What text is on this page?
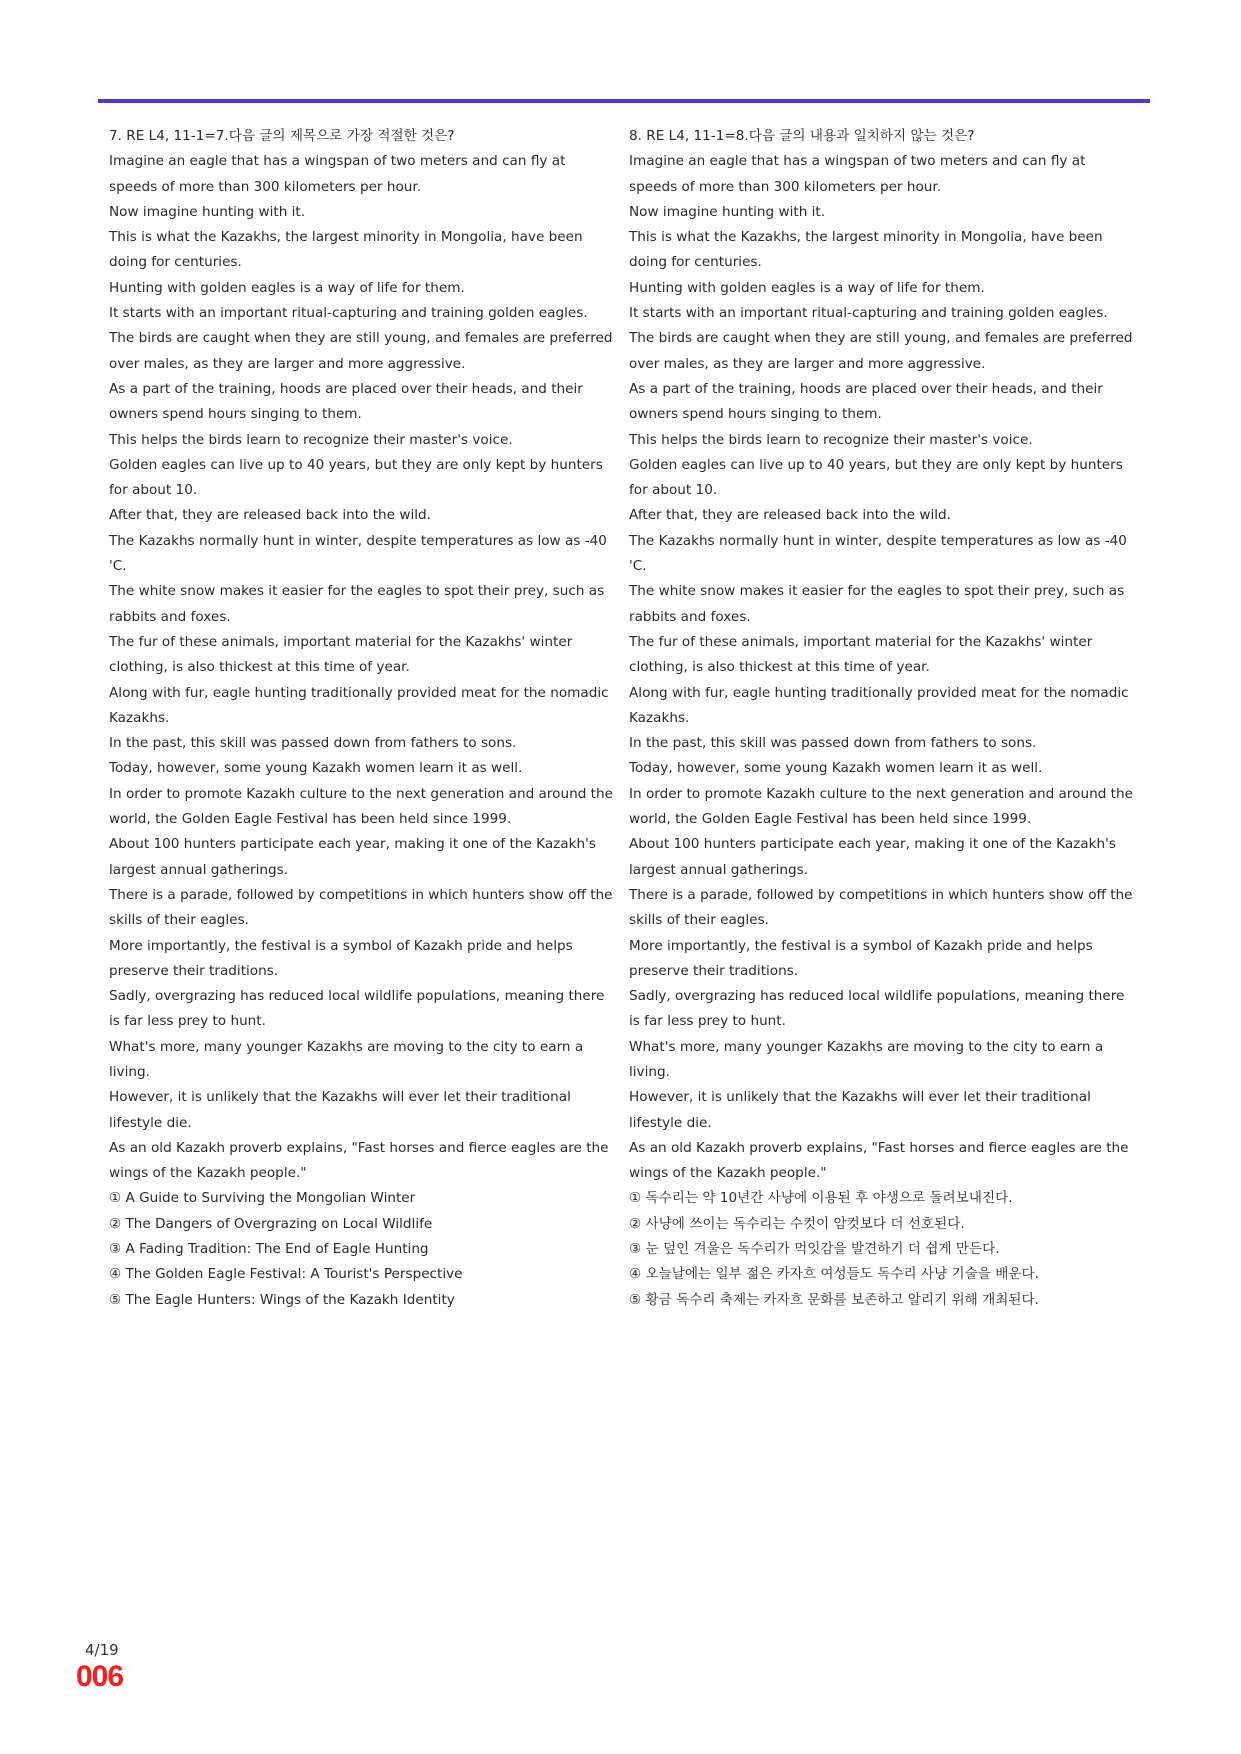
7. RE L4, 11-1=7.다음 글의 제목으로 가장 적절한 것은?

Imagine an eagle that has a wingspan of two meters and can fly at speeds of more than 300 kilometers per hour.

Now imagine hunting with it.

This is what the Kazakhs, the largest minority in Mongolia, have been doing for centuries.

Hunting with golden eagles is a way of life for them.

It starts with an important ritual-capturing and training golden eagles.

The birds are caught when they are still young, and females are preferred over males, as they are larger and more aggressive.

As a part of the training, hoods are placed over their heads, and their owners spend hours singing to them.

This helps the birds learn to recognize their master's voice.

Golden eagles can live up to 40 years, but they are only kept by hunters for about 10.

After that, they are released back into the wild.

The Kazakhs normally hunt in winter, despite temperatures as low as -40 'C.

The white snow makes it easier for the eagles to spot their prey, such as rabbits and foxes.

The fur of these animals, important material for the Kazakhs' winter clothing, is also thickest at this time of year.

Along with fur, eagle hunting traditionally provided meat for the nomadic Kazakhs.

In the past, this skill was passed down from fathers to sons.

Today, however, some young Kazakh women learn it as well.

In order to promote Kazakh culture to the next generation and around the world, the Golden Eagle Festival has been held since 1999.

About 100 hunters participate each year, making it one of the Kazakh's largest annual gatherings.

There is a parade, followed by competitions in which hunters show off the skills of their eagles.

More importantly, the festival is a symbol of Kazakh pride and helps preserve their traditions.

Sadly, overgrazing has reduced local wildlife populations, meaning there is far less prey to hunt.

What's more, many younger Kazakhs are moving to the city to earn a living.

However, it is unlikely that the Kazakhs will ever let their traditional lifestyle die.

As an old Kazakh proverb explains, "Fast horses and fierce eagles are the wings of the Kazakh people."

① A Guide to Surviving the Mongolian Winter

② The Dangers of Overgrazing on Local Wildlife

③ A Fading Tradition: The End of Eagle Hunting

④ The Golden Eagle Festival: A Tourist's Perspective

⑤ The Eagle Hunters: Wings of the Kazakh Identity

8. RE L4, 11-1=8.다음 글의 내용과 일치하지 않는 것은?

Imagine an eagle that has a wingspan of two meters and can fly at speeds of more than 300 kilometers per hour.

Now imagine hunting with it.

This is what the Kazakhs, the largest minority in Mongolia, have been doing for centuries.

Hunting with golden eagles is a way of life for them.

It starts with an important ritual-capturing and training golden eagles.

The birds are caught when they are still young, and females are preferred over males, as they are larger and more aggressive.

As a part of the training, hoods are placed over their heads, and their owners spend hours singing to them.

This helps the birds learn to recognize their master's voice.

Golden eagles can live up to 40 years, but they are only kept by hunters for about 10.

After that, they are released back into the wild.

The Kazakhs normally hunt in winter, despite temperatures as low as -40 'C.

The white snow makes it easier for the eagles to spot their prey, such as rabbits and foxes.

The fur of these animals, important material for the Kazakhs' winter clothing, is also thickest at this time of year.

Along with fur, eagle hunting traditionally provided meat for the nomadic Kazakhs.

In the past, this skill was passed down from fathers to sons.

Today, however, some young Kazakh women learn it as well.

In order to promote Kazakh culture to the next generation and around the world, the Golden Eagle Festival has been held since 1999.

About 100 hunters participate each year, making it one of the Kazakh's largest annual gatherings.

There is a parade, followed by competitions in which hunters show off the skills of their eagles.

More importantly, the festival is a symbol of Kazakh pride and helps preserve their traditions.

Sadly, overgrazing has reduced local wildlife populations, meaning there is far less prey to hunt.

What's more, many younger Kazakhs are moving to the city to earn a living.

However, it is unlikely that the Kazakhs will ever let their traditional lifestyle die.

As an old Kazakh proverb explains, "Fast horses and fierce eagles are the wings of the Kazakh people."

① 독수리는 약 10년간 사냥에 이용된 후 야생으로 돌려보내진다.

② 사냥에 쓰이는 독수리는 수컷이 암컷보다 더 선호된다.

③ 눈 덮인 겨울은 독수리가 먹잇감을 발견하기 더 쉽게 만든다.

④ 오늘날에는 일부 젊은 카자흐 여성들도 독수리 사냥 기술을 배운다.

⑤ 황금 독수리 축제는 카자흐 문화를 보존하고 알리기 위해 개최된다.

4/19
006
